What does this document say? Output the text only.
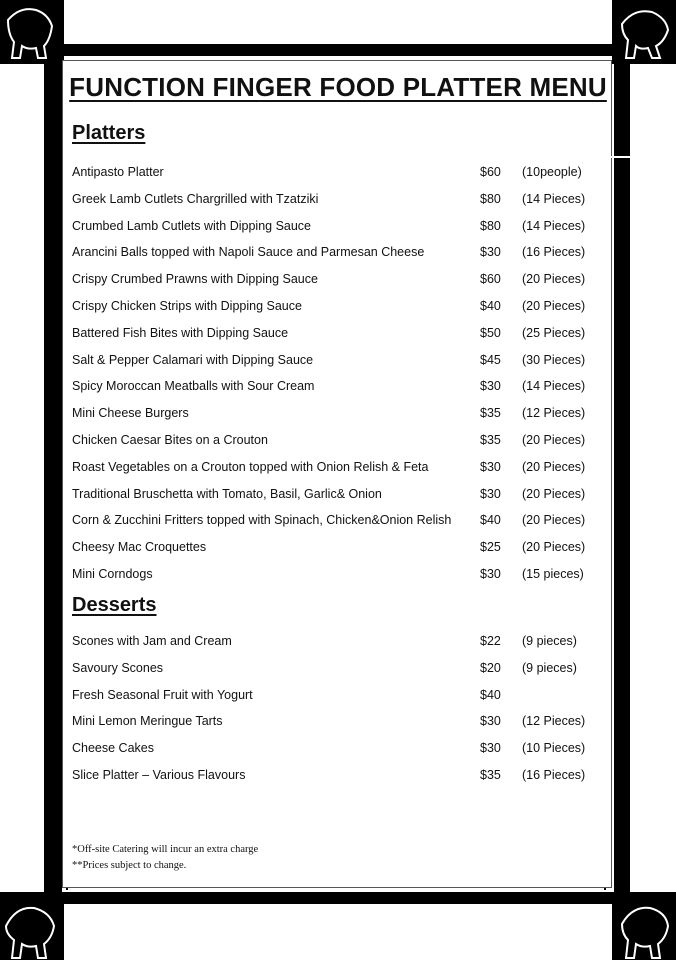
FUNCTION FINGER FOOD PLATTER MENU
Platters
Antipasto Platter	$60 (10people)
Greek Lamb Cutlets Chargrilled with Tzatziki	$80 (14 Pieces)
Crumbed Lamb Cutlets with Dipping Sauce	$80 (14 Pieces)
Arancini Balls topped with Napoli Sauce and Parmesan Cheese	$30 (16 Pieces)
Crispy Crumbed Prawns with Dipping Sauce	$60 (20 Pieces)
Crispy Chicken Strips with Dipping Sauce	$40 (20 Pieces)
Battered Fish Bites with Dipping Sauce	$50 (25 Pieces)
Salt & Pepper Calamari with Dipping Sauce	$45 (30 Pieces)
Spicy Moroccan Meatballs with Sour Cream	$30 (14 Pieces)
Mini Cheese Burgers	$35 (12 Pieces)
Chicken Caesar Bites on a Crouton	$35 (20 Pieces)
Roast Vegetables on a Crouton topped with Onion Relish & Feta	$30 (20 Pieces)
Traditional Bruschetta with Tomato, Basil, Garlic& Onion	$30 (20 Pieces)
Corn & Zucchini Fritters topped with Spinach, Chicken&Onion Relish $40 (20 Pieces)
Cheesy Mac Croquettes	$25 (20 Pieces)
Mini Corndogs	$30 (15 pieces)
Desserts
Scones with Jam and Cream	$22 (9 pieces)
Savoury Scones	$20 (9 pieces)
Fresh Seasonal Fruit with Yogurt	$40
Mini Lemon Meringue Tarts	$30 (12 Pieces)
Cheese Cakes	$30 (10 Pieces)
Slice Platter – Various Flavours	$35 (16 Pieces)
*Off-site Catering will incur an extra charge
**Prices subject to change.
